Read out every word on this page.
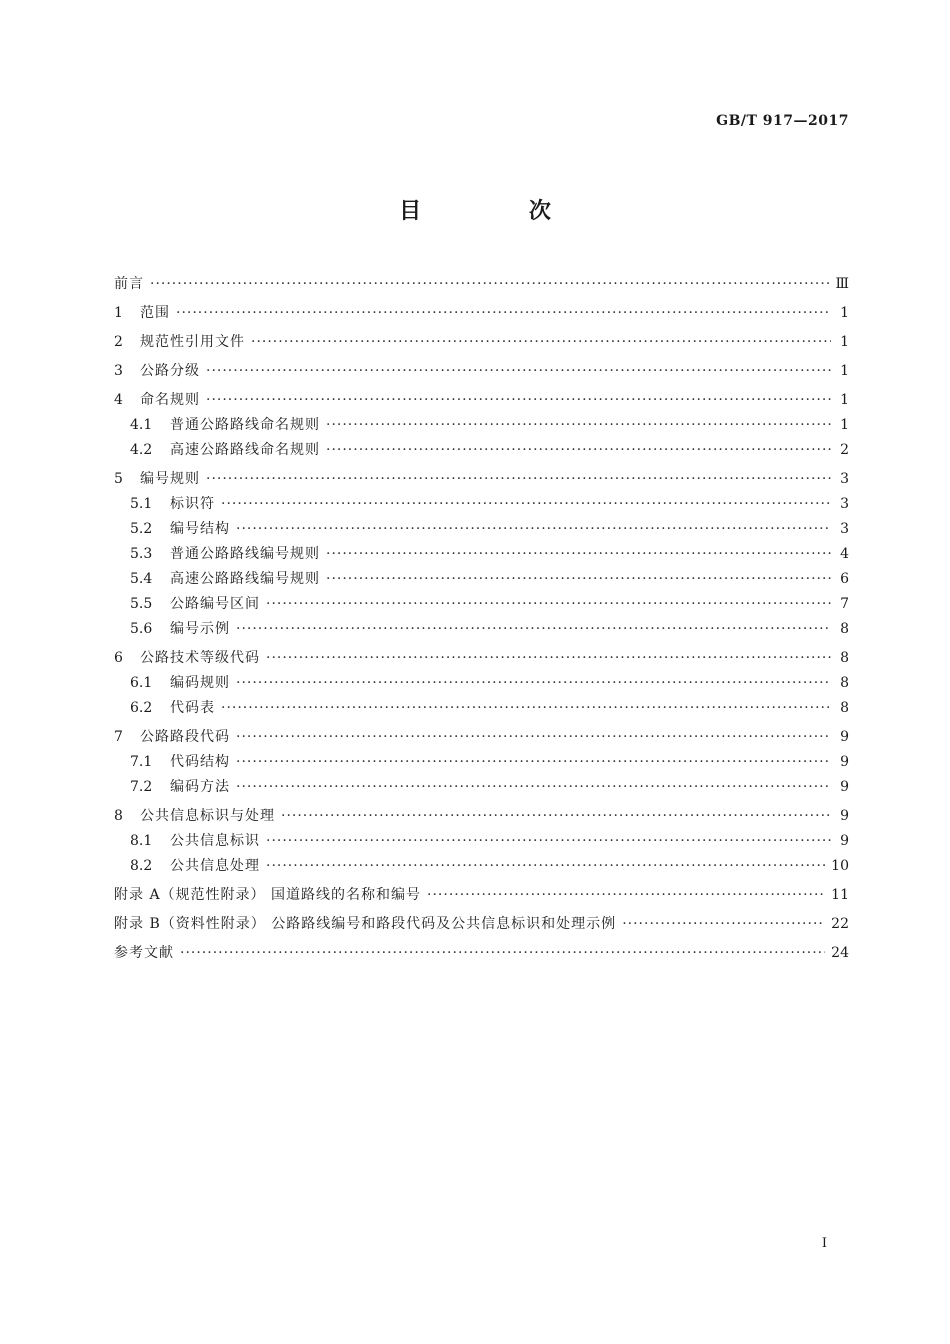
GB/T 917—2017
目 次
前言 ·····	Ⅲ
1	范围 ·····	1
2	规范性引用文件 ·····	1
3	公路分级 ·····	1
4	命名规则 ·····	1
4.1	普通公路路线命名规则 ·····	1
4.2	高速公路路线命名规则 ·····	2
5	编号规则 ·····	3
5.1	标识符 ·····	3
5.2	编号结构 ·····	3
5.3	普通公路路线编号规则 ·····	4
5.4	高速公路路线编号规则 ·····	6
5.5	公路编号区间 ·····	7
5.6	编号示例 ·····	8
6	公路技术等级代码 ·····	8
6.1	编码规则 ·····	8
6.2	代码表 ·····	8
7	公路路段代码 ·····	9
7.1	代码结构 ·····	9
7.2	编码方法 ·····	9
8	公共信息标识与处理 ·····	9
8.1	公共信息标识 ·····	9
8.2	公共信息处理 ·····	10
附录 A（规范性附录） 国道路线的名称和编号 ·····	11
附录 B（资料性附录） 公路路线编号和路段代码及公共信息标识和处理示例 ·····	22
参考文献 ·····	24
I
